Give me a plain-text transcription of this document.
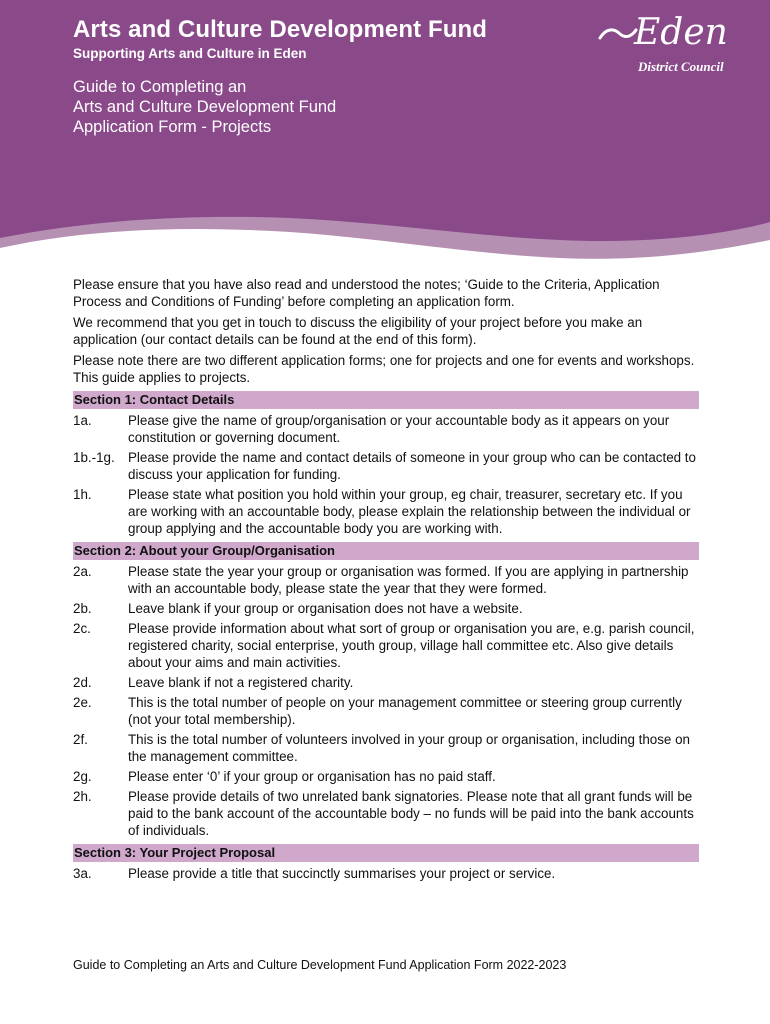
Arts and Culture Development Fund
Supporting Arts and Culture in Eden
Guide to Completing an
Arts and Culture Development Fund
Application Form - Projects
Eden
District Council

Please ensure that you have also read and understood the notes; ‘Guide to the Criteria, Application Process and Conditions of Funding’ before completing an application form.

We recommend that you get in touch to discuss the eligibility of your project before you make an application (our contact details can be found at the end of this form).

Please note there are two different application forms; one for projects and one for events and workshops. This guide applies to projects.

Section 1: Contact Details
1a.	Please give the name of group/organisation or your accountable body as it appears on your constitution or governing document.
1b.-1g. Please provide the name and contact details of someone in your group who can be contacted to discuss your application for funding.
1h.	Please state what position you hold within your group, eg chair, treasurer, secretary etc. If you are working with an accountable body, please explain the relationship between the individual or group applying and the accountable body you are working with.
Section 2: About your Group/Organisation
2a.	Please state the year your group or organisation was formed. If you are applying in partnership with an accountable body, please state the year that they were formed.
2b.	Leave blank if your group or organisation does not have a website.
2c.	Please provide information about what sort of group or organisation you are, e.g. parish council, registered charity, social enterprise, youth group, village hall committee etc. Also give details about your aims and main activities.
2d.	Leave blank if not a registered charity.
2e.	This is the total number of people on your management committee or steering group currently (not your total membership).
2f.	This is the total number of volunteers involved in your group or organisation, including those on the management committee.
2g.	Please enter ‘0’ if your group or organisation has no paid staff.
2h.	Please provide details of two unrelated bank signatories. Please note that all grant funds will be paid to the bank account of the accountable body – no funds will be paid into the bank accounts of individuals.
Section 3: Your Project Proposal
3a.	Please provide a title that succinctly summarises your project or service.
Guide to Completing an Arts and Culture Development Fund Application Form 2022-2023
